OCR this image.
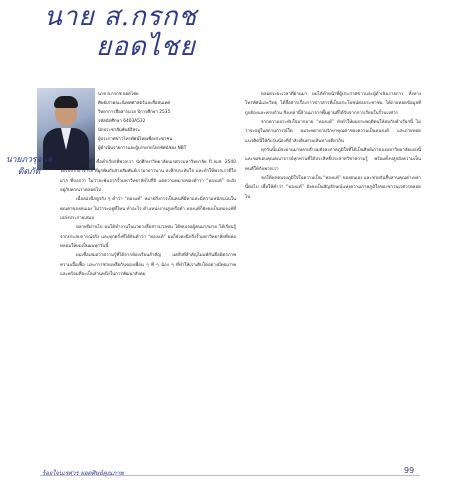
นาย ส.กรกช
ยอดไชย
นายภวรุจ เจติตภัท
นาย ส.กรกช ยอดไชย
ศิษย์เก่าคณะนิเทศศาสตร์และสื่อสนเทศ
วิทยาการสื่อสารมวล ปีการศึกษา 2535
รหัสนักศึกษา 6403A532
นักประชาสัมพันธ์อิสระ
ผู้ประกาศข่าวโทรทัศน์ไทยเพื่อประชาชน
ผู้ดำเนินรายการและผู้บรรยายโทรทัศน์ช่อง NBT

“ทองแท้” คือคำเรียกที่พวกเรา นักศึกษาวิทยาลัยนเรศวรมหาวิทยาลัย ปี พ.ศ. 2540 ได้รับจากอาจารย์ ที่ผูกพันกับสายสัมพันธ์เรามายาวนาน ลงลึกประทับใจ และทำให้พวกเราดีใจมาก ที่บอกว่า ไม่ว่าจะพ้นจากรั้วมหาวิทยาลัยไปกี่ปี แต่ความหมายของคำว่า “ทองแท้” จะยังอยู่กับพวกเราตลอดไป

เมื่อลองนึกดูจริง ๆ คำว่า “ทองแท้” หมายถึงการเป็นคนที่มีค่าและมีความหนักแน่นในคุณค่าของตนเอง ไม่ว่าจะอยู่ที่ไหน ทำอะไร ตำแหน่งงานสูงหรือต่ำ ทองแท้ก็ยังคงเป็นทองแท้ที่เปล่งประกายเสมอ

หลายปีผ่านไป ผมได้ทำงานในแวดวงสื่อสารมวลชน ได้พบเจอผู้คนมากมาย ได้เรียนรู้จากประสบการณ์จริง และทุกครั้งที่ได้ยินคำว่า “ทองแท้” ผมก็ยังคงนึกถึงรั้วมหาวิทยาลัยที่หล่อหลอมให้ผมเป็นผมทุกวันนี้

ผมเชื่อเสมอว่าความรู้ที่ได้จากห้องเรียนสำคัญ แต่สิ่งที่สำคัญไม่แพ้กันคือมิตรภาพ ความเอื้อเฟื้อ และการช่วยเหลือกันของเพื่อน ๆ พี่ ๆ น้อง ๆ ที่ทำให้เราเติบโตอย่างมีคุณภาพ และพร้อมที่จะเป็นส่วนหนึ่งในการพัฒนาสังคม

ตลอดระยะเวลาที่ผ่านมา ผมได้ทำหน้าที่ผู้ประกาศข่าวและผู้ดำเนินรายการ ทั้งทางโทรทัศน์และวิทยุ ได้สื่อสารเรื่องราวข่าวสารที่เป็นประโยชน์ต่อประชาชน ได้ถ่ายทอดข้อมูลที่ถูกต้องและครบถ้วน สิ่งเหล่านี้ล้วนมาจากพื้นฐานที่ได้รับจากการเรียนในรั้วนเรศวร

จากความประทับใจมากมาย “ทองแท้” ยังทำให้ผมประพฤติตนให้สมกับคำเรียกนี้ ไม่ว่าจะอยู่ในสถานการณ์ใด ผมจะพยายามรักษาคุณค่าของความเป็นทองแท้ และถ่ายทอดแนวคิดนี้ให้กับรุ่นน้องที่กำลังเดินตามเส้นทางเดียวกัน

ทุกวันนี้แม้จะผ่านมาหลายปี ผมยังคงภาคภูมิใจที่ได้เป็นศิษย์เก่าของมหาวิทยาลัยแห่งนี้ และขอขอบคุณคณาจารย์ทุกท่านที่ได้ประสิทธิ์ประสาทวิชาความรู้ พร้อมทั้งปลูกฝังความเป็นคนดีให้กับพวกเรา

ขอให้ทุกคนจงภูมิใจในความเป็น “ทองแท้” ของตนเอง และช่วยกันสืบสานคุณค่าเหล่านี้ต่อไป เพื่อให้คำว่า “ทองแท้” ยังคงเป็นสัญลักษณ์แห่งความภาคภูมิใจของชาวนเรศวรตลอดไป

ร้อยใจนเรศวร ยอดศิษย์คุณภาพ	99
